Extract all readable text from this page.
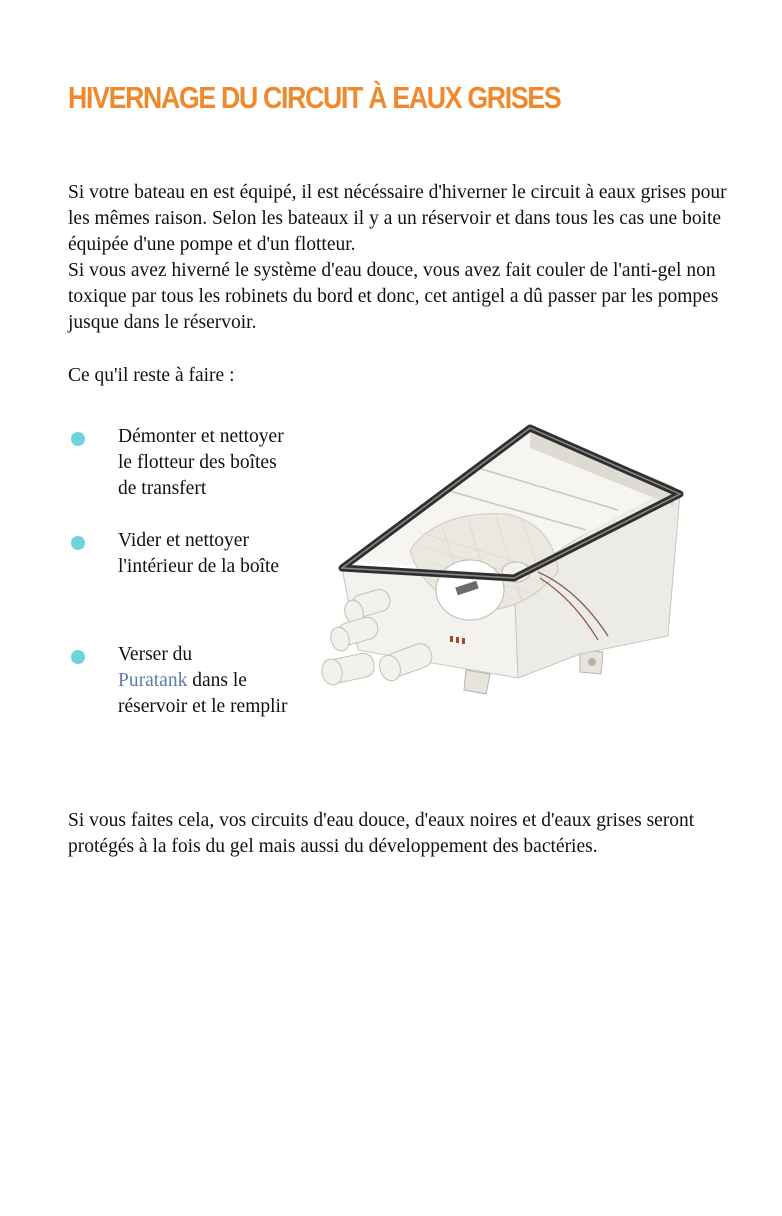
HIVERNAGE DU CIRCUIT À EAUX GRISES

Si votre bateau en est équipé, il est nécéssaire d'hiverner le circuit à eaux grises pour les mêmes raison. Selon les bateaux il y a un réservoir et dans tous les cas une boite équipée d'une pompe et d'un flotteur.

Si vous avez hiverné le système d'eau douce, vous avez fait couler de l'anti-gel non toxique par tous les robinets du bord et donc, cet antigel a dû passer par les pompes jusque dans le réservoir.

Ce qu'il reste à faire :

Démonter et nettoyer le flotteur des boîtes de transfert
Vider et nettoyer l'intérieur de la boîte
Verser du
Puratank dans le réservoir et le remplir

Si vous faites cela, vos circuits d'eau douce, d'eaux noires et d'eaux grises seront protégés à la fois du gel mais aussi du développement des bactéries.
